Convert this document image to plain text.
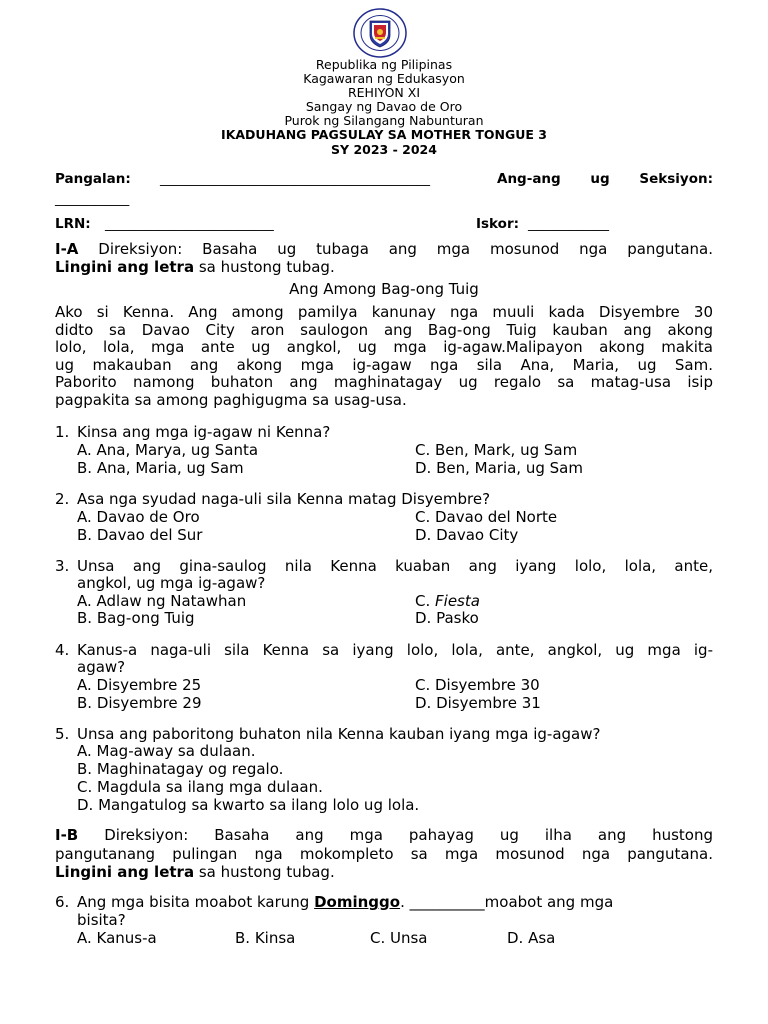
Republika ng Pilipinas
Kagawaran ng Edukasyon
REHIYON XI
Sangay ng Davao de Oro
Purok ng Silangang Nabunturan
IKADUHANG PAGSULAY SA MOTHER TONGUE 3
SY 2023 - 2024
Pangalan: ________________________________________	Ang-ang ug Seksiyon:
___________
LRN: _________________________	Iskor: ____________
I-A Direksiyon: Basaha ug tubaga ang mga mosunod nga pangutana.
Lingini ang letra sa hustong tubag.
Ang Among Bag-ong Tuig
Ako si Kenna. Ang among pamilya kanunay nga muuli kada Disyembre 30
didto sa Davao City aron saulogon ang Bag-ong Tuig kauban ang akong
lolo, lola, mga ante ug angkol, ug mga ig-agaw.Malipayon akong makita
ug makauban ang akong mga ig-agaw nga sila Ana, Maria, ug Sam.
Paborito namong buhaton ang maghinatagay ug regalo sa matag-usa isip
pagpakita sa among paghigugma sa usag-usa.
1. Kinsa ang mga ig-agaw ni Kenna?
A. Ana, Marya, ug Santa	C. Ben, Mark, ug Sam
B. Ana, Maria, ug Sam	D. Ben, Maria, ug Sam
2. Asa nga syudad naga-uli sila Kenna matag Disyembre?
A. Davao de Oro	C. Davao del Norte
B. Davao del Sur	D. Davao City
3. Unsa ang gina-saulog nila Kenna kuaban ang iyang lolo, lola, ante,
angkol, ug mga ig-agaw?
A. Adlaw ng Natawhan	C. Fiesta
B. Bag-ong Tuig	D. Pasko
4. Kanus-a naga-uli sila Kenna sa iyang lolo, lola, ante, angkol, ug mga ig-
agaw?
A. Disyembre 25	C. Disyembre 30
B. Disyembre 29	D. Disyembre 31
5. Unsa ang paboritong buhaton nila Kenna kauban iyang mga ig-agaw?
A. Mag-away sa dulaan.
B. Maghinatagay og regalo.
C. Magdula sa ilang mga dulaan.
D. Mangatulog sa kwarto sa ilang lolo ug lola.
I-B Direksiyon: Basaha ang mga pahayag ug ilha ang hustong
pangutanang pulingan nga mokompleto sa mga mosunod nga pangutana.
Lingini ang letra sa hustong tubag.
6. Ang mga bisita moabot karung Dominggo. __________moabot ang mga
bisita?
A. Kanus-a	B. Kinsa	C. Unsa	D. Asa
